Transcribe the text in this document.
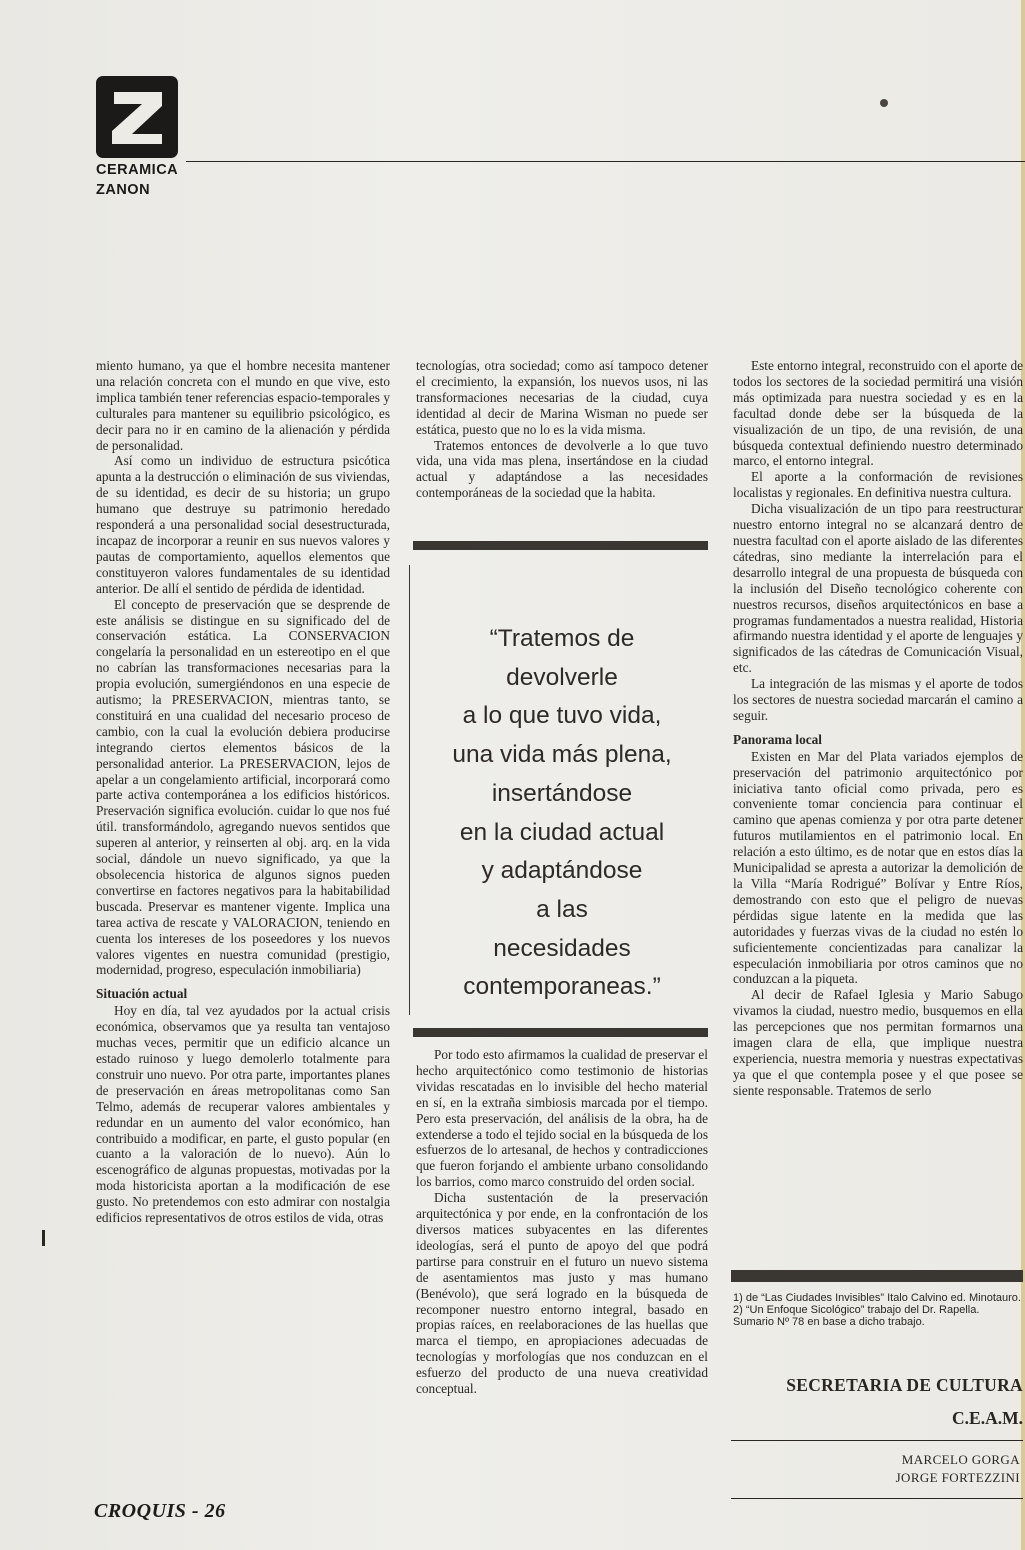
CERAMICA
ZANON

miento humano, ya que el hombre necesita mantener una relación concreta con el mundo en que vive, esto implica también tener referencias espacio-temporales y culturales para mantener su equilibrio psicológico, es decir para no ir en camino de la alienación y pérdida de personalidad.

Así como un individuo de estructura psicótica apunta a la destrucción o eliminación de sus viviendas, de su identidad, es decir de su historia; un grupo humano que destruye su patrimonio heredado responderá a una personalidad social desestructurada, incapaz de incorporar a reunir en sus nuevos valores y pautas de comportamiento, aquellos elementos que constituyeron valores fundamentales de su identidad anterior. De allí el sentido de pérdida de identidad.

El concepto de preservación que se desprende de este análisis se distingue en su significado del de conservación estática. La CONSERVACION congelaría la personalidad en un estereotipo en el que no cabrían las transformaciones necesarias para la propia evolución, sumergiéndonos en una especie de autismo; la PRESERVACION, mientras tanto, se constituirá en una cualidad del necesario proceso de cambio, con la cual la evolución debiera producirse integrando ciertos elementos básicos de la personalidad anterior. La PRESERVACION, lejos de apelar a un congelamiento artificial, incorporará como parte activa contemporánea a los edificios históricos. Preservación significa evolución. cuidar lo que nos fué útil. transformándolo, agregando nuevos sentidos que superen al anterior, y reinserten al obj. arq. en la vida social, dándole un nuevo significado, ya que la obsolecencia historica de algunos signos pueden convertirse en factores negativos para la habitabilidad buscada. Preservar es mantener vigente. Implica una tarea activa de rescate y VALORACION, teniendo en cuenta los intereses de los poseedores y los nuevos valores vigentes en nuestra comunidad (prestigio, modernidad, progreso, especulación inmobiliaria)

Situación actual

Hoy en día, tal vez ayudados por la actual crisis económica, observamos que ya resulta tan ventajoso muchas veces, permitir que un edificio alcance un estado ruinoso y luego demolerlo totalmente para construir uno nuevo. Por otra parte, importantes planes de preservación en áreas metropolitanas como San Telmo, además de recuperar valores ambientales y redundar en un aumento del valor económico, han contribuido a modificar, en parte, el gusto popular (en cuanto a la valoración de lo nuevo). Aún lo escenográfico de algunas propuestas, motivadas por la moda historicista aportan a la modificación de ese gusto. No pretendemos con esto admirar con nostalgia edificios representativos de otros estilos de vida, otras

tecnologías, otra sociedad; como así tampoco detener el crecimiento, la expansión, los nuevos usos, ni las transformaciones necesarias de la ciudad, cuya identidad al decir de Marina Wisman no puede ser estática, puesto que no lo es la vida misma.

Tratemos entonces de devolverle a lo que tuvo vida, una vida mas plena, insertándose en la ciudad actual y adaptándose a las necesidades contemporáneas de la sociedad que la habita.

“Tratemos de
devolverle
a lo que tuvo vida,
una vida más plena,
insertándose
en la ciudad actual
y adaptándose
a las
necesidades
contemporaneas.”

Por todo esto afirmamos la cualidad de preservar el hecho arquitectónico como testimonio de historias vividas rescatadas en lo invisible del hecho material en sí, en la extraña simbiosis marcada por el tiempo. Pero esta preservación, del análisis de la obra, ha de extenderse a todo el tejido social en la búsqueda de los esfuerzos de lo artesanal, de hechos y contradicciones que fueron forjando el ambiente urbano consolidando los barrios, como marco construido del orden social.

Dicha sustentación de la preservación arquitectónica y por ende, en la confrontación de los diversos matices subyacentes en las diferentes ideologías, será el punto de apoyo del que podrá partirse para construir en el futuro un nuevo sistema de asentamientos mas justo y mas humano (Benévolo), que será logrado en la búsqueda de recomponer nuestro entorno integral, basado en propias raíces, en reelaboraciones de las huellas que marca el tiempo, en apropiaciones adecuadas de tecnologías y morfologías que nos conduzcan en el esfuerzo del producto de una nueva creatividad conceptual.

Este entorno integral, reconstruido con el aporte de todos los sectores de la sociedad permitirá una visión más optimizada para nuestra sociedad y es en la facultad donde debe ser la búsqueda de la visualización de un tipo, de una revisión, de una búsqueda contextual definiendo nuestro determinado marco, el entorno integral.

El aporte a la conformación de revisiones localistas y regionales. En definitiva nuestra cultura.

Dicha visualización de un tipo para reestructurar nuestro entorno integral no se alcanzará dentro de nuestra facultad con el aporte aislado de las diferentes cátedras, sino mediante la interrelación para el desarrollo integral de una propuesta de búsqueda con la inclusión del Diseño tecnológico coherente con nuestros recursos, diseños arquitectónicos en base a programas fundamentados a nuestra realidad, Historia afirmando nuestra identidad y el aporte de lenguajes y significados de las cátedras de Comunicación Visual, etc.

La integración de las mismas y el aporte de todos los sectores de nuestra sociedad marcarán el camino a seguir.

Panorama local

Existen en Mar del Plata variados ejemplos de preservación del patrimonio arquitectónico por iniciativa tanto oficial como privada, pero es conveniente tomar conciencia para continuar el camino que apenas comienza y por otra parte detener futuros mutilamientos en el patrimonio local. En relación a esto último, es de notar que en estos días la Municipalidad se apresta a autorizar la demolición de la Villa “María Rodrigué” Bolívar y Entre Ríos, demostrando con esto que el peligro de nuevas pérdidas sigue latente en la medida que las autoridades y fuerzas vivas de la ciudad no estén lo suficientemente concientizadas para canalizar la especulación inmobiliaria por otros caminos que no conduzcan a la piqueta.

Al decir de Rafael Iglesia y Mario Sabugo vivamos la ciudad, nuestro medio, busquemos en ella las percepciones que nos permitan formarnos una imagen clara de ella, que implique nuestra experiencia, nuestra memoria y nuestras expectativas ya que el que contempla posee y el que posee se siente responsable. Tratemos de serlo

1) de “Las Ciudades Invisibles” Italo Calvino ed. Minotauro.
2) “Un Enfoque Sicológico” trabajo del Dr. Rapella. Sumario Nº 78 en base a dicho trabajo.
SECRETARIA DE CULTURA
C.E.A.M.
MARCELO GORGA
JORGE FORTEZZINI
CROQUIS - 26
